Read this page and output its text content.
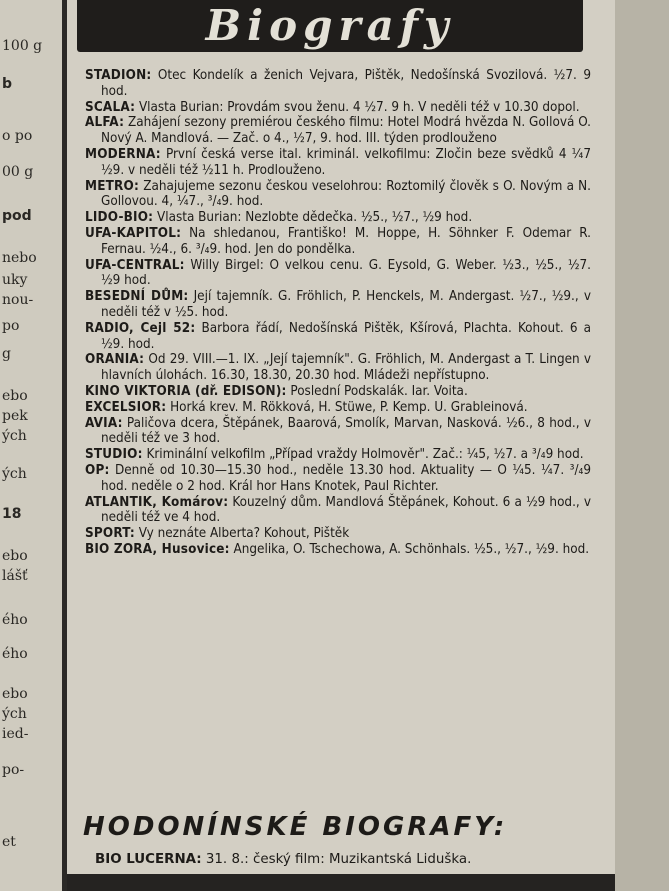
100 g
b
o po
00 g
pod
nebo
uky
nou-
po
g
ebo
pek
ých
ých
18
ebo
lášť
ého
ého
ebo
ých
ied-
po-
et
Biografy
STADION: Otec Kondelík a ženich Vejvara, Pištěk, Nedošínská Svozilová. ½7. 9 hod.
SCALA: Vlasta Burian: Provdám svou ženu. 4 ½7. 9 h. V neděli též v 10.30 dopol.
ALFA: Zahájení sezony premiérou českého filmu: Hotel Modrá hvězda N. Gollová O. Nový A. Mandlová. — Zač. o 4., ½7, 9. hod. III. týden prodlouženo
MODERNA: První česká verse ital. kriminál. velkofilmu: Zločin beze svědků 4 ¼7 ½9. v neděli též ½11 h. Prodlouženo.
METRO: Zahajujeme sezonu českou veselohrou: Roztomilý člověk s O. Novým a N. Gollovou. 4, ¼7., ³/₄9. hod.
LIDO-BIO: Vlasta Burian: Nezlobte dědečka. ½5., ½7., ½9 hod.
UFA-KAPITOL: Na shledanou, Františko! M. Hoppe, H. Söhnker F. Odemar R. Fernau. ½4., 6. ³/₄9. hod. Jen do pondělka.
UFA-CENTRAL: Willy Birgel: O velkou cenu. G. Eysold, G. Weber. ½3., ½5., ½7. ½9 hod.
BESEDNÍ DŮM: Její tajemník. G. Fröhlich, P. Henckels, M. Andergast. ½7., ½9., v neděli též v ½5. hod.
RADIO, Cejl 52: Barbora řádí, Nedošínská Pištěk, Kšírová, Plachta. Kohout. 6 a ½9. hod.
ORANIA: Od 29. VIII.—1. IX. „Její tajemník". G. Fröhlich, M. Andergast a T. Lingen v hlavních úlohách. 16.30, 18.30, 20.30 hod. Mládeži nepřístupno.
KINO VIKTORIA (dř. EDISON): Poslední Podskalák. Iar. Voita.
EXCELSIOR: Horká krev. M. Rökková, H. Stüwe, P. Kemp. U. Grableinová.
AVIA: Paličova dcera, Štěpánek, Baarová, Smolík, Marvan, Nasková. ½6., 8 hod., v neděli též ve 3 hod.
STUDIO: Kriminální velkofilm „Případ vraždy Holmověr". Zač.: ¼5, ½7. a ³/₄9 hod.
OP: Denně od 10.30—15.30 hod., neděle 13.30 hod. Aktuality — O ¼5. ¼7. ³/₄9 hod. neděle o 2 hod. Král hor Hans Knotek, Paul Richter.
ATLANTIK, Komárov: Kouzelný dům. Mandlová Štěpánek, Kohout. 6 a ½9 hod., v neděli též ve 4 hod.
SPORT: Vy neznáte Alberta? Kohout, Pištěk
BIO ZORA, Husovice: Angelika, O. Tschechowa, A. Schönhals. ½5., ½7., ½9. hod.
HODONÍNSKÉ BIOGRAFY:
BIO LUCERNA: 31. 8.: český film: Muzikantská Liduška.
